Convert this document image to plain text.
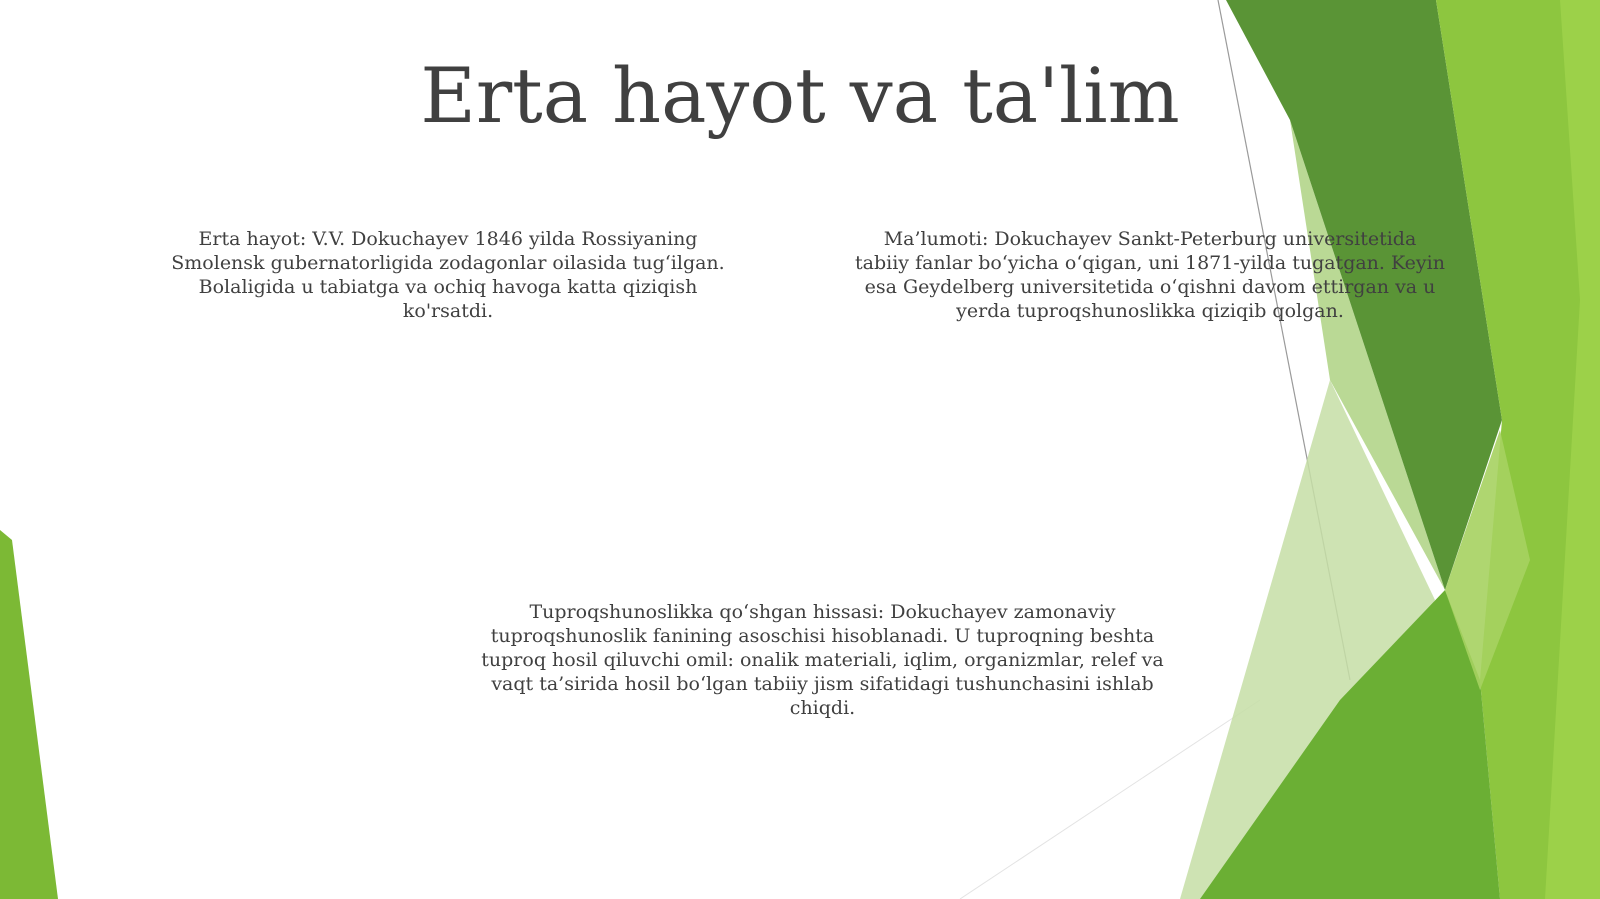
Erta hayot va ta'lim

Erta hayot: V.V. Dokuchayev 1846 yilda Rossiyaning Smolensk gubernatorligida zodagonlar oilasida tug‘ilgan. Bolaligida u tabiatga va ochiq havoga katta qiziqish ko'rsatdi.

Ma’lumoti: Dokuchayev Sankt-Peterburg universitetida tabiiy fanlar bo‘yicha o‘qigan, uni 1871-yilda tugatgan. Keyin esa Geydelberg universitetida o‘qishni davom ettirgan va u yerda tuproqshunoslikka qiziqib qolgan.

Tuproqshunoslikka qo‘shgan hissasi: Dokuchayev zamonaviy tuproqshunoslik fanining asoschisi hisoblanadi. U tuproqning beshta tuproq hosil qiluvchi omil: onalik materiali, iqlim, organizmlar, relef va vaqt ta’sirida hosil bo‘lgan tabiiy jism sifatidagi tushunchasini ishlab chiqdi.
